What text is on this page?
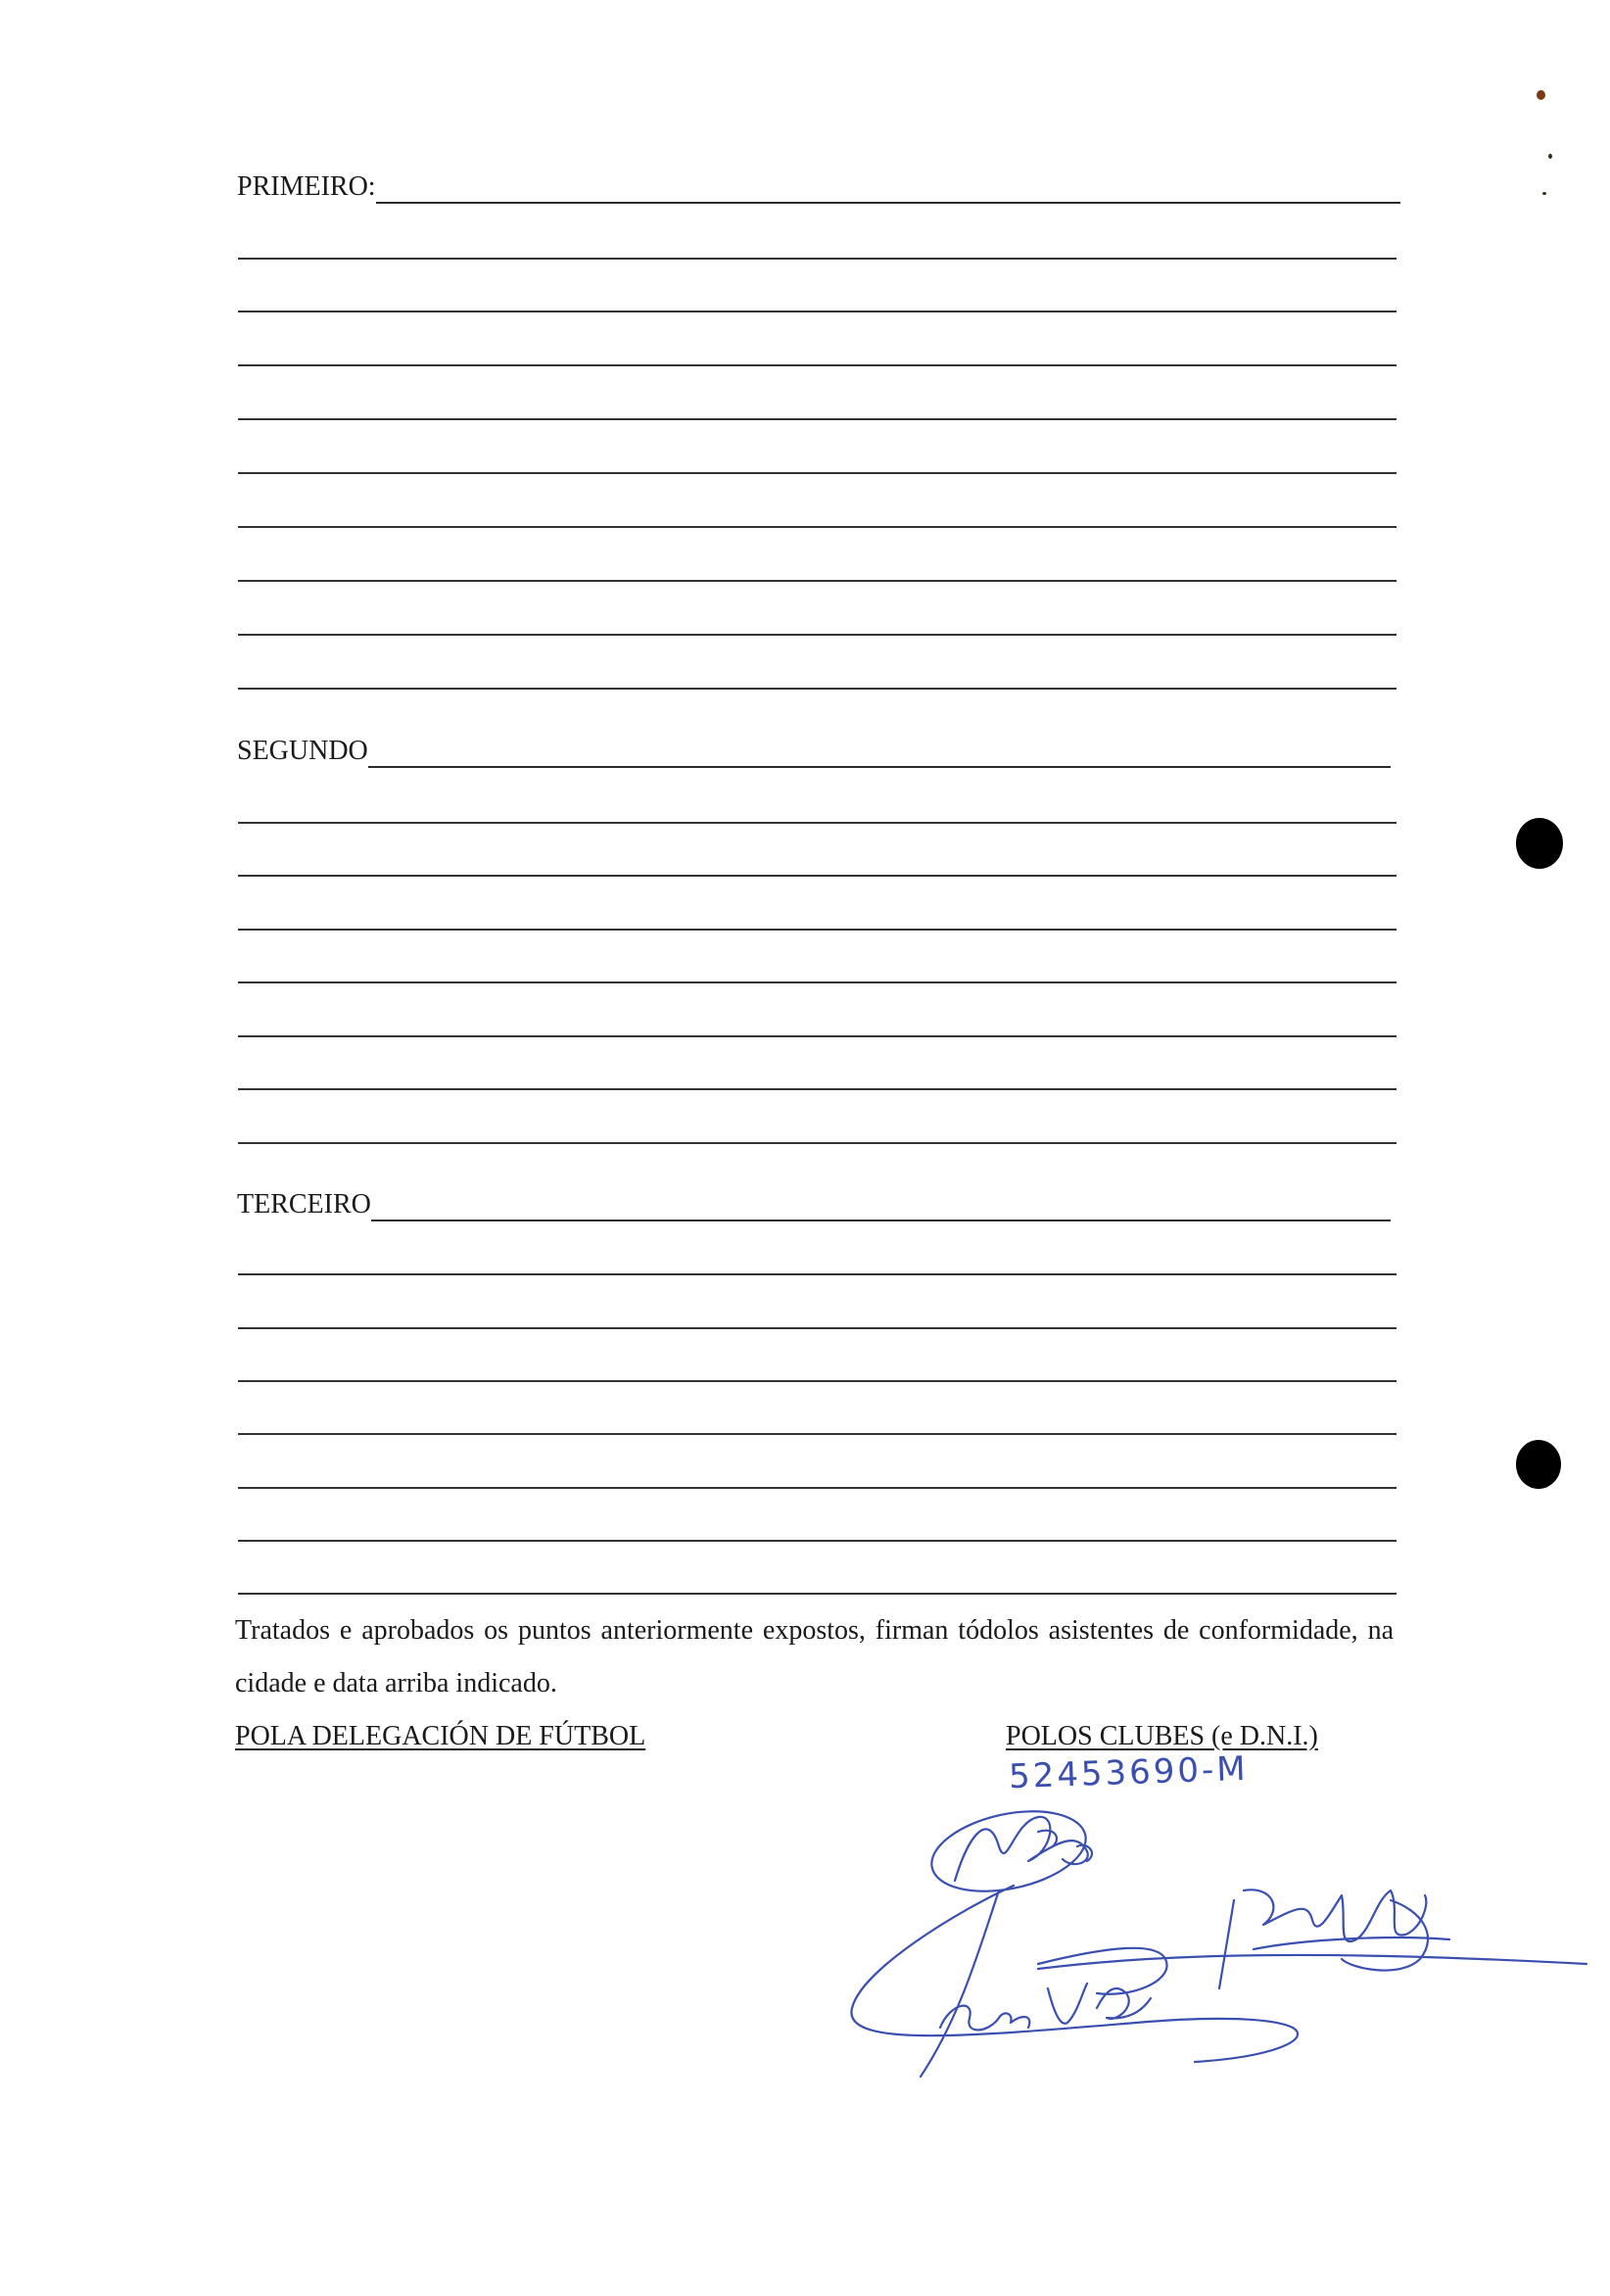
PRIMEIRO:
SEGUNDO
TERCEIRO
Tratados e aprobados os puntos anteriormente expostos, firman tódolos asistentes de conformidade, na cidade e data arriba indicado.
POLA DELEGACIÓN DE FÚTBOL	POLOS CLUBES (e D.N.I.)
52453690-M
